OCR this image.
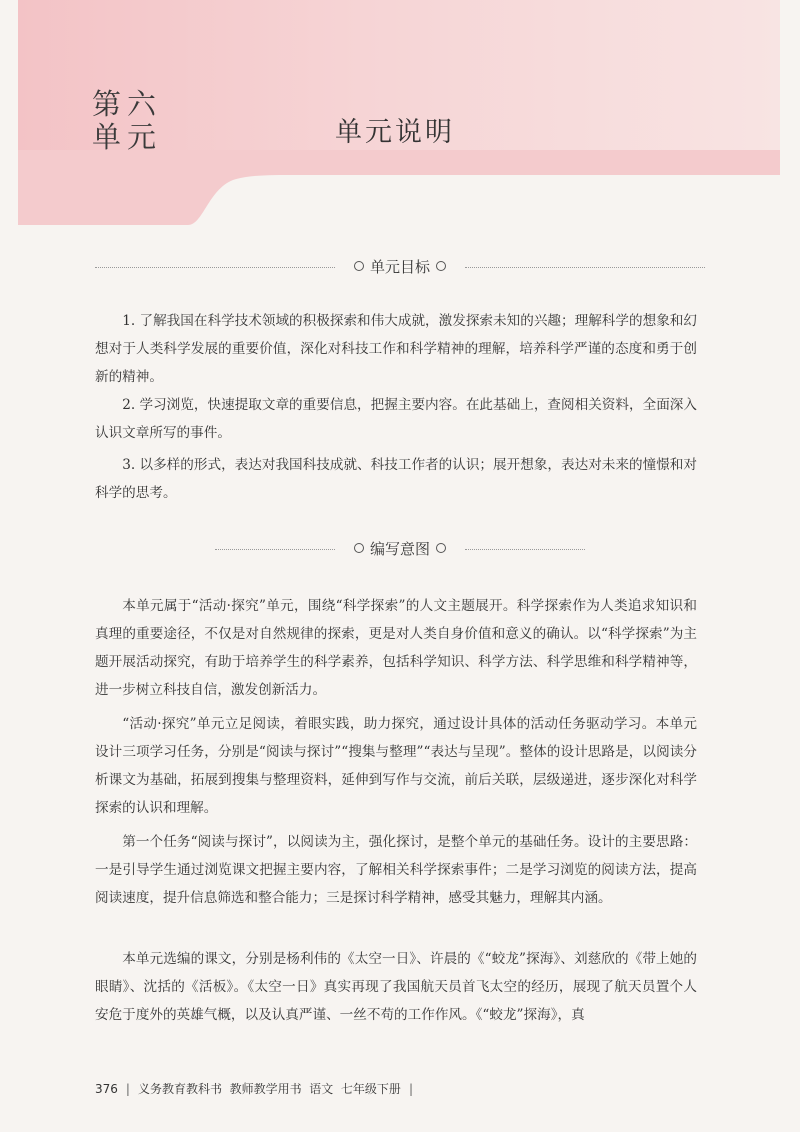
第六
单元	单元说明
单元目标

1. 了解我国在科学技术领域的积极探索和伟大成就，激发探索未知的兴趣；理解科学的想象和幻想对于人类科学发展的重要价值，深化对科技工作和科学精神的理解，培养科学严谨的态度和勇于创新的精神。

2. 学习浏览，快速提取文章的重要信息，把握主要内容。在此基础上，查阅相关资料，全面深入认识文章所写的事件。

3. 以多样的形式，表达对我国科技成就、科技工作者的认识；展开想象，表达对未来的憧憬和对科学的思考。

编写意图

本单元属于“活动·探究”单元，围绕“科学探索”的人文主题展开。科学探索作为人类追求知识和真理的重要途径，不仅是对自然规律的探索，更是对人类自身价值和意义的确认。以“科学探索”为主题开展活动探究，有助于培养学生的科学素养，包括科学知识、科学方法、科学思维和科学精神等，进一步树立科技自信，激发创新活力。

“活动·探究”单元立足阅读，着眼实践，助力探究，通过设计具体的活动任务驱动学习。本单元设计三项学习任务，分别是“阅读与探讨”“搜集与整理”“表达与呈现”。整体的设计思路是，以阅读分析课文为基础，拓展到搜集与整理资料，延伸到写作与交流，前后关联，层级递进，逐步深化对科学探索的认识和理解。

第一个任务“阅读与探讨”，以阅读为主，强化探讨，是整个单元的基础任务。设计的主要思路：一是引导学生通过浏览课文把握主要内容，了解相关科学探索事件；二是学习浏览的阅读方法，提高阅读速度，提升信息筛选和整合能力；三是探讨科学精神，感受其魅力，理解其内涵。

本单元选编的课文，分别是杨利伟的《太空一日》、许晨的《“蛟龙”探海》、刘慈欣的《带上她的眼睛》、沈括的《活板》。《太空一日》真实再现了我国航天员首飞太空的经历，展现了航天员置个人安危于度外的英雄气概，以及认真严谨、一丝不苟的工作作风。《“蛟龙”探海》，真

376 | 义务教育教科书 教师教学用书 语文 七年级下册 |
